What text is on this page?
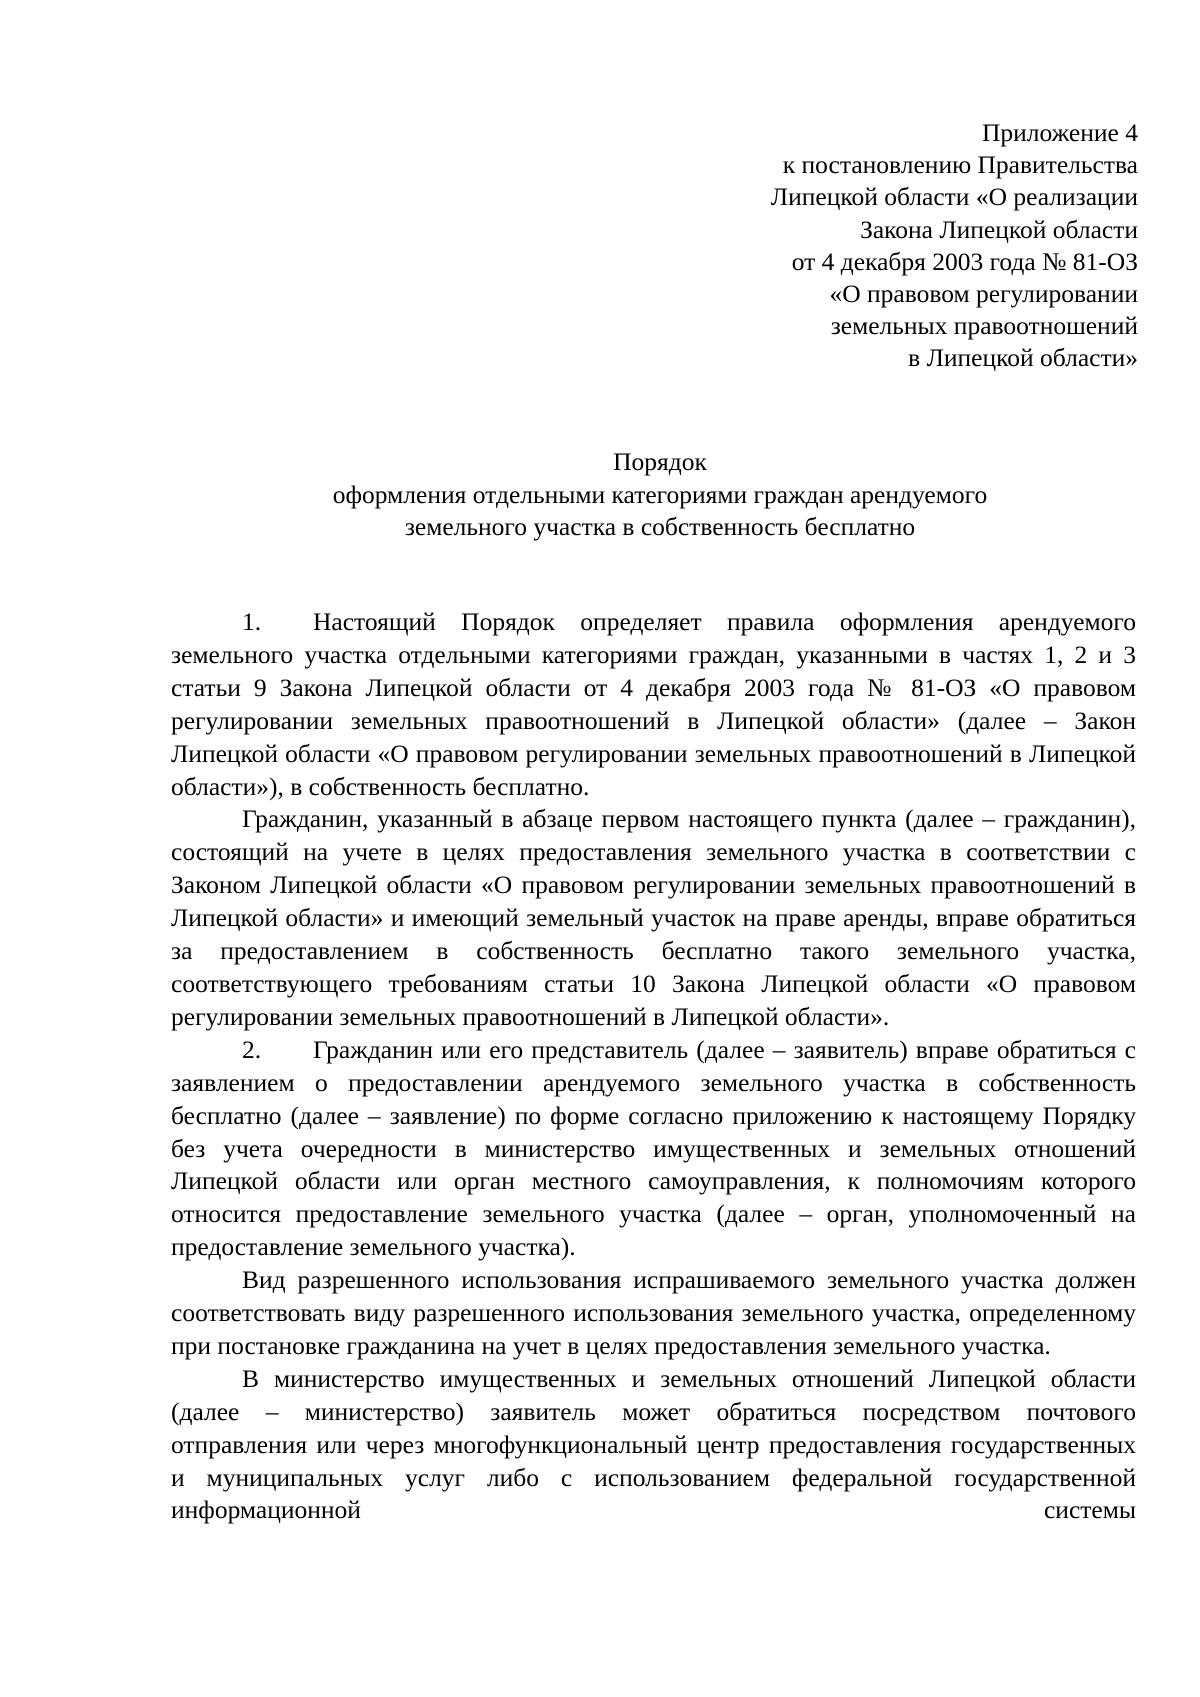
Приложение 4
к постановлению Правительства
Липецкой области «О реализации
Закона Липецкой области
от 4 декабря 2003 года № 81-ОЗ
«О правовом регулировании
земельных правоотношений
в Липецкой области»
Порядок
оформления отдельными категориями граждан арендуемого
земельного участка в собственность бесплатно

1. Настоящий Порядок определяет правила оформления арендуемого земельного участка отдельными категориями граждан, указанными в частях 1, 2 и 3 статьи 9 Закона Липецкой области от 4 декабря 2003 года № 81-ОЗ «О правовом регулировании земельных правоотношений в Липецкой области» (далее – Закон Липецкой области «О правовом регулировании земельных правоотношений в Липецкой области»), в собственность бесплатно.

Гражданин, указанный в абзаце первом настоящего пункта (далее – гражданин), состоящий на учете в целях предоставления земельного участка в соответствии с Законом Липецкой области «О правовом регулировании земельных правоотношений в Липецкой области» и имеющий земельный участок на праве аренды, вправе обратиться за предоставлением в собственность бесплатно такого земельного участка, соответствующего требованиям статьи 10 Закона Липецкой области «О правовом регулировании земельных правоотношений в Липецкой области».

2. Гражданин или его представитель (далее – заявитель) вправе обратиться с заявлением о предоставлении арендуемого земельного участка в собственность бесплатно (далее – заявление) по форме согласно приложению к настоящему Порядку без учета очередности в министерство имущественных и земельных отношений Липецкой области или орган местного самоуправления, к полномочиям которого относится предоставление земельного участка (далее – орган, уполномоченный на предоставление земельного участка).

Вид разрешенного использования испрашиваемого земельного участка должен соответствовать виду разрешенного использования земельного участка, определенному при постановке гражданина на учет в целях предоставления земельного участка.

В министерство имущественных и земельных отношений Липецкой области (далее – министерство) заявитель может обратиться посредством почтового отправления или через многофункциональный центр предоставления государственных и муниципальных услуг либо с использованием федеральной государственной информационной системы
